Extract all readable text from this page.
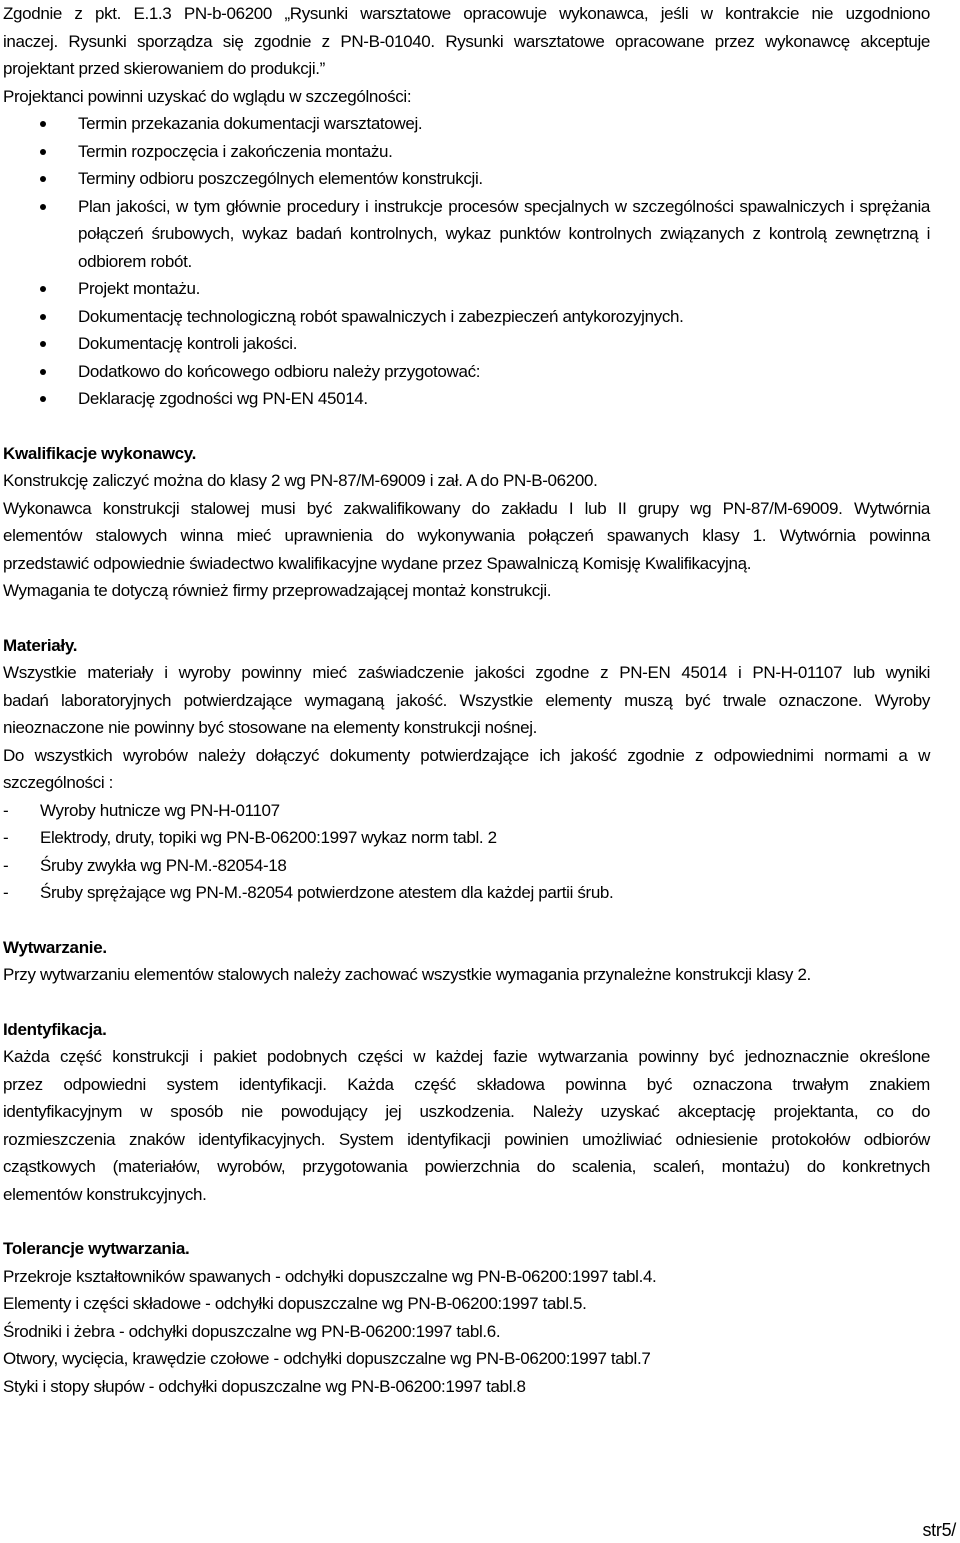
Zgodnie z pkt. E.1.3 PN-b-06200 „Rysunki warsztatowe opracowuje wykonawca, jeśli w kontrakcie nie uzgodniono
inaczej. Rysunki sporządza się zgodnie z PN-B-01040. Rysunki warsztatowe opracowane przez wykonawcę akceptuje
projektant przed skierowaniem do produkcji.”
Projektanci powinni uzyskać do wglądu w szczególności:
Termin przekazania dokumentacji warsztatowej.
Termin rozpoczęcia i zakończenia montażu.
Terminy odbioru poszczególnych elementów konstrukcji.
Plan jakości, w tym głównie procedury i instrukcje procesów specjalnych w szczególności spawalniczych i sprężania połączeń śrubowych, wykaz badań kontrolnych, wykaz punktów kontrolnych związanych z kontrolą zewnętrzną i odbiorem robót.
Projekt montażu.
Dokumentację technologiczną robót spawalniczych i zabezpieczeń antykorozyjnych.
Dokumentację kontroli jakości.
Dodatkowo do końcowego odbioru należy przygotować:
Deklarację zgodności wg PN-EN 45014.
Kwalifikacje wykonawcy.
Konstrukcję zaliczyć można do klasy 2 wg PN-87/M-69009 i zał. A do PN-B-06200.
Wykonawca konstrukcji stalowej musi być zakwalifikowany do zakładu I lub II grupy wg PN-87/M-69009. Wytwórnia
elementów stalowych winna mieć uprawnienia do wykonywania połączeń spawanych klasy 1. Wytwórnia powinna
przedstawić odpowiednie świadectwo kwalifikacyjne wydane przez Spawalniczą Komisję Kwalifikacyjną.
Wymagania te dotyczą również firmy przeprowadzającej montaż konstrukcji.
Materiały.
Wszystkie materiały i wyroby powinny mieć zaświadczenie jakości zgodne z PN-EN 45014 i PN-H-01107 lub wyniki
badań laboratoryjnych potwierdzające wymaganą jakość. Wszystkie elementy muszą być trwale oznaczone. Wyroby
nieoznaczone nie powinny być stosowane na elementy konstrukcji nośnej.
Do wszystkich wyrobów należy dołączyć dokumenty potwierdzające ich jakość zgodnie z odpowiednimi normami a w
szczególności :
- Wyroby hutnicze wg PN-H-01107
- Elektrody, druty, topiki wg PN-B-06200:1997 wykaz norm tabl. 2
- Śruby zwykła wg PN-M.-82054-18
- Śruby sprężające wg PN-M.-82054 potwierdzone atestem dla każdej partii śrub.
Wytwarzanie.
Przy wytwarzaniu elementów stalowych należy zachować wszystkie wymagania przynależne konstrukcji klasy 2.
Identyfikacja.
Każda część konstrukcji i pakiet podobnych części w każdej fazie wytwarzania powinny być jednoznacznie określone
przez odpowiedni system identyfikacji. Każda część składowa powinna być oznaczona trwałym znakiem
identyfikacyjnym w sposób nie powodujący jej uszkodzenia. Należy uzyskać akceptację projektanta, co do
rozmieszczenia znaków identyfikacyjnych. System identyfikacji powinien umożliwiać odniesienie protokołów odbiorów
cząstkowych (materiałów, wyrobów, przygotowania powierzchnia do scalenia, scaleń, montażu) do konkretnych
elementów konstrukcyjnych.
Tolerancje wytwarzania.
Przekroje kształtowników spawanych - odchyłki dopuszczalne wg PN-B-06200:1997 tabl.4.
Elementy i części składowe - odchyłki dopuszczalne wg PN-B-06200:1997 tabl.5.
Środniki i żebra - odchyłki dopuszczalne wg PN-B-06200:1997 tabl.6.
Otwory, wycięcia, krawędzie czołowe - odchyłki dopuszczalne wg PN-B-06200:1997 tabl.7
Styki i stopy słupów - odchyłki dopuszczalne wg PN-B-06200:1997 tabl.8
str5/
